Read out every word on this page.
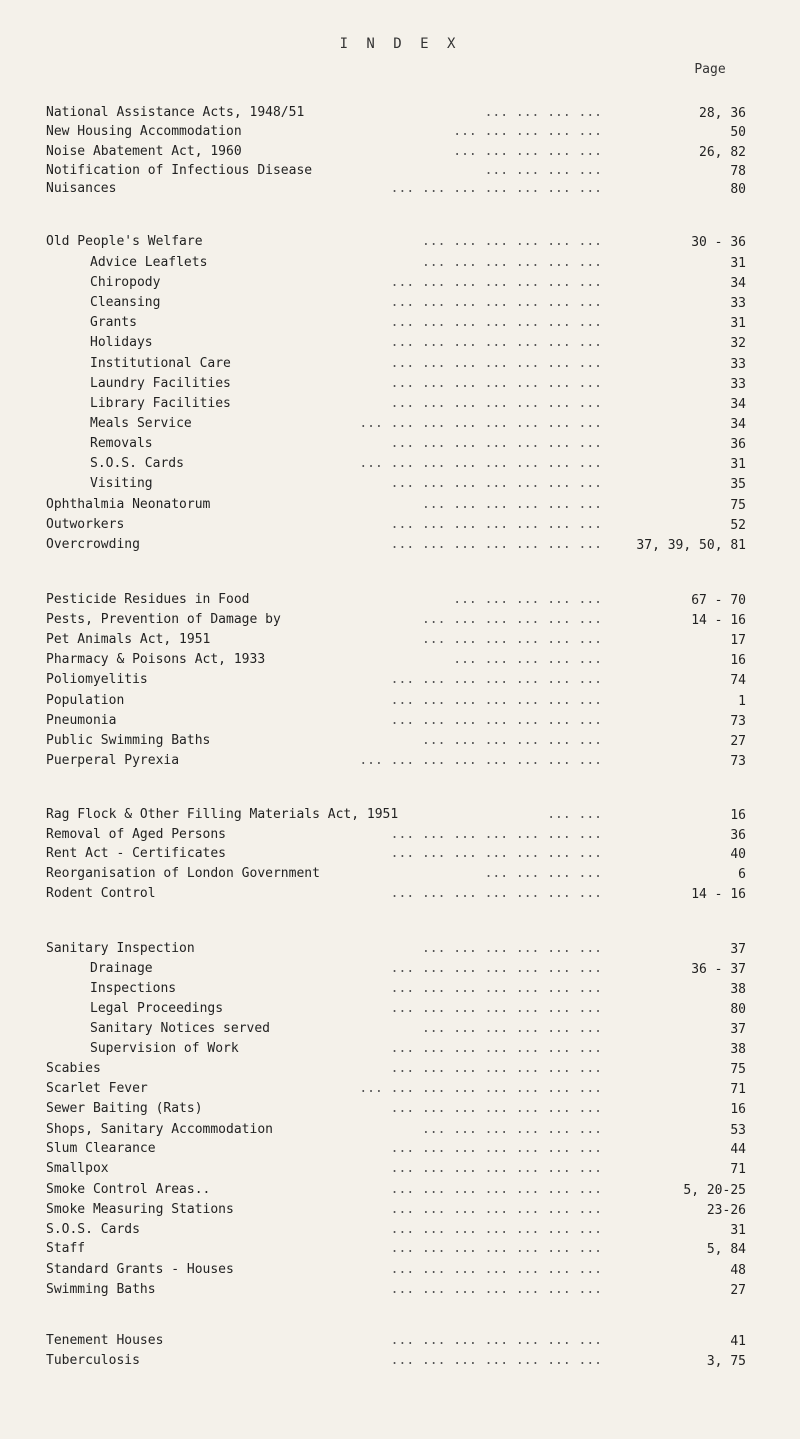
I N D E X
Page
... ... ... ...
National Assistance Acts, 1948/51	28, 36
... ... ... ... ...
New Housing Accommodation	50
... ... ... ... ...
Noise Abatement Act, 1960	26, 82
... ... ... ...
Notification of Infectious Disease	78
... ... ... ... ... ... ...
Nuisances	80
... ... ... ... ... ...
Old People's Welfare	30 - 36
... ... ... ... ... ...
Advice Leaflets	31
... ... ... ... ... ... ...
Chiropody	34
... ... ... ... ... ... ...
Cleansing	33
... ... ... ... ... ... ...
Grants	31
... ... ... ... ... ... ...
Holidays	32
... ... ... ... ... ... ...
Institutional Care	33
... ... ... ... ... ... ...
Laundry Facilities	33
... ... ... ... ... ... ...
Library Facilities	34
... ... ... ... ... ... ... ...
Meals Service	34
... ... ... ... ... ... ...
Removals	36
... ... ... ... ... ... ... ...
S.O.S. Cards	31
... ... ... ... ... ... ...
Visiting	35
... ... ... ... ... ...
Ophthalmia Neonatorum	75
... ... ... ... ... ... ...
Outworkers	52
... ... ... ... ... ... ...
Overcrowding	37, 39, 50, 81
... ... ... ... ...
Pesticide Residues in Food	67 - 70
... ... ... ... ... ...
Pests, Prevention of Damage by	14 - 16
... ... ... ... ... ...
Pet Animals Act, 1951	17
... ... ... ... ...
Pharmacy & Poisons Act, 1933	16
... ... ... ... ... ... ...
Poliomyelitis	74
... ... ... ... ... ... ...
Population	1
... ... ... ... ... ... ...
Pneumonia	73
... ... ... ... ... ...
Public Swimming Baths	27
... ... ... ... ... ... ... ...
Puerperal Pyrexia	73
... ...
Rag Flock & Other Filling Materials Act, 1951	16
... ... ... ... ... ... ...
Removal of Aged Persons	36
... ... ... ... ... ... ...
Rent Act - Certificates	40
... ... ... ...
Reorganisation of London Government	6
... ... ... ... ... ... ...
Rodent Control	14 - 16
... ... ... ... ... ...
Sanitary Inspection	37
... ... ... ... ... ... ...
Drainage	36 - 37
... ... ... ... ... ... ...
Inspections	38
... ... ... ... ... ... ...
Legal Proceedings	80
... ... ... ... ... ...
Sanitary Notices served	37
... ... ... ... ... ... ...
Supervision of Work	38
... ... ... ... ... ... ...
Scabies	75
... ... ... ... ... ... ... ...
Scarlet Fever	71
... ... ... ... ... ... ...
Sewer Baiting (Rats)	16
... ... ... ... ... ...
Shops, Sanitary Accommodation	53
... ... ... ... ... ... ...
Slum Clearance	44
... ... ... ... ... ... ...
Smallpox	71
... ... ... ... ... ... ...
Smoke Control Areas..	5, 20-25
... ... ... ... ... ... ...
Smoke Measuring Stations	23-26
... ... ... ... ... ... ...
S.O.S. Cards	31
... ... ... ... ... ... ...
Staff	5, 84
... ... ... ... ... ... ...
Standard Grants - Houses	48
... ... ... ... ... ... ...
Swimming Baths	27
... ... ... ... ... ... ...
Tenement Houses	41
... ... ... ... ... ... ...
Tuberculosis	3, 75
